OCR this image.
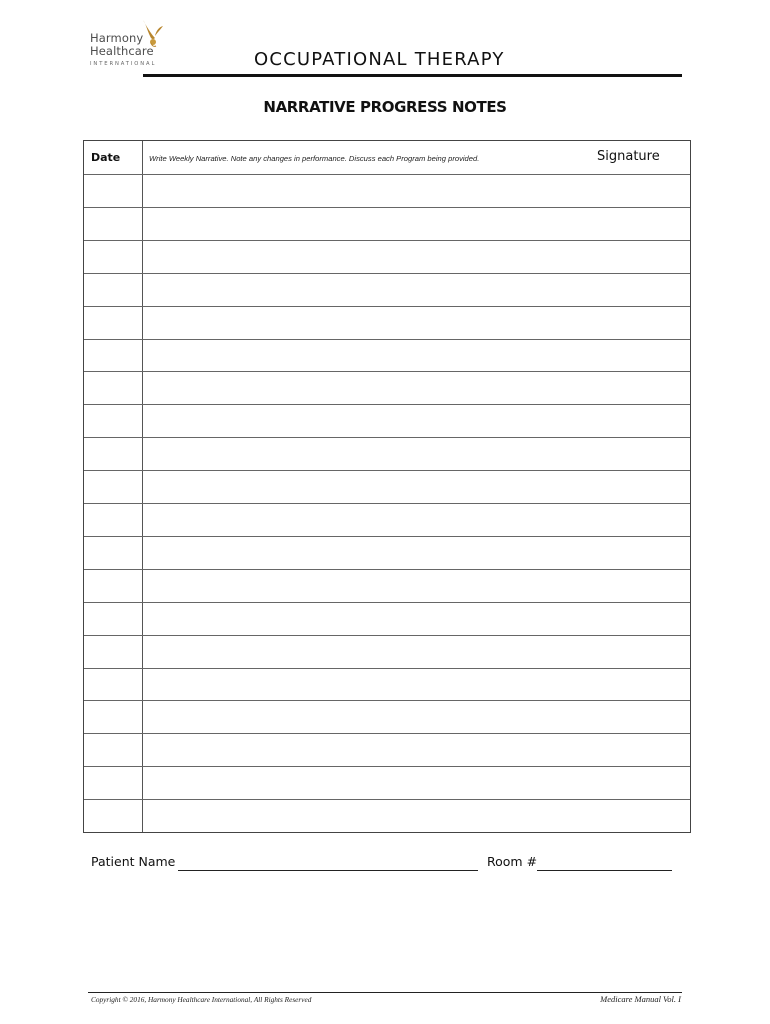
Harmony
Healthcare
INTERNATIONAL	OCCUPATIONAL THERAPY
NARRATIVE PROGRESS NOTES
Date	Write Weekly Narrative. Note any changes in performance. Discuss each Program being provided.	Signature
Patient Name	Room #
Copyright © 2016, Harmony Healthcare International, All Rights Reserved	Medicare Manual Vol. I
